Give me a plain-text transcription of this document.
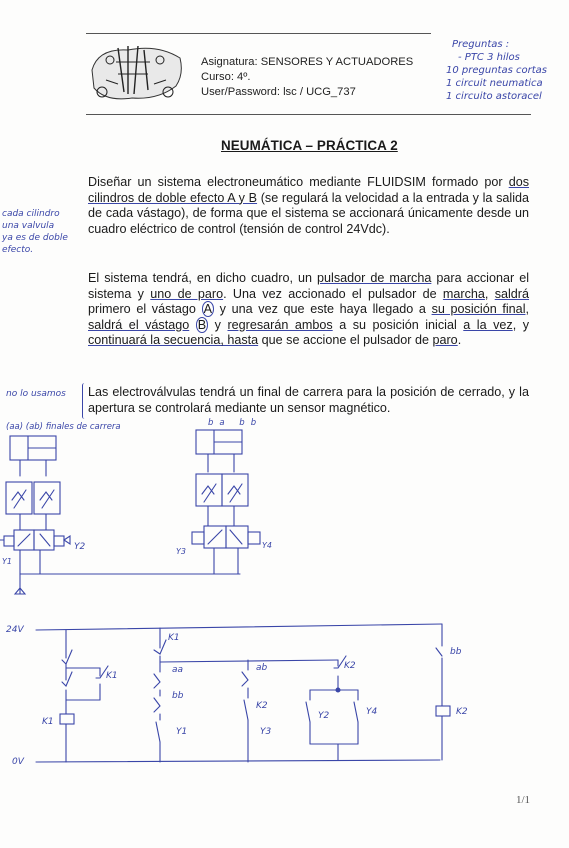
Asignatura: SENSORES Y ACTUADORES
Curso: 4º.
User/Password: lsc / UCG_737
Preguntas :
- PTC 3 hilos
10 preguntas cortas
1 circuit neumatica
1 circuito astoracel
NEUMÁTICA – PRÁCTICA 2
cada cilindro
una valvula
ya es de doble
efecto.

Diseñar un sistema electroneumático mediante FLUIDSIM formado por dos cilindros de doble efecto A y B (se regulará la velocidad a la entrada y la salida de cada vástago), de forma que el sistema se accionará únicamente desde un cuadro eléctrico de control (tensión de control 24Vdc).

El sistema tendrá, en dicho cuadro, un pulsador de marcha para accionar el sistema y uno de paro. Una vez accionado el pulsador de marcha, saldrá primero el vástago A y una vez que este haya llegado a su posición final, saldrá el vástago B y regresarán ambos a su posición inicial a la vez, y continuará la secuencia, hasta que se accione el pulsador de paro.

no lo usamos Las electroválvulas tendrá un final de carrera para la posición de cerrado, y la apertura se controlará mediante un sensor magnético.

(aa) (ab) finales de carrera	ba bb
Y1
Y2	Y3
Y4
24V
0V
K1
K1
K1
aa
bb
Y1
ab
K2
Y3
K2
Y2	Y4
bb
K2
1/1
